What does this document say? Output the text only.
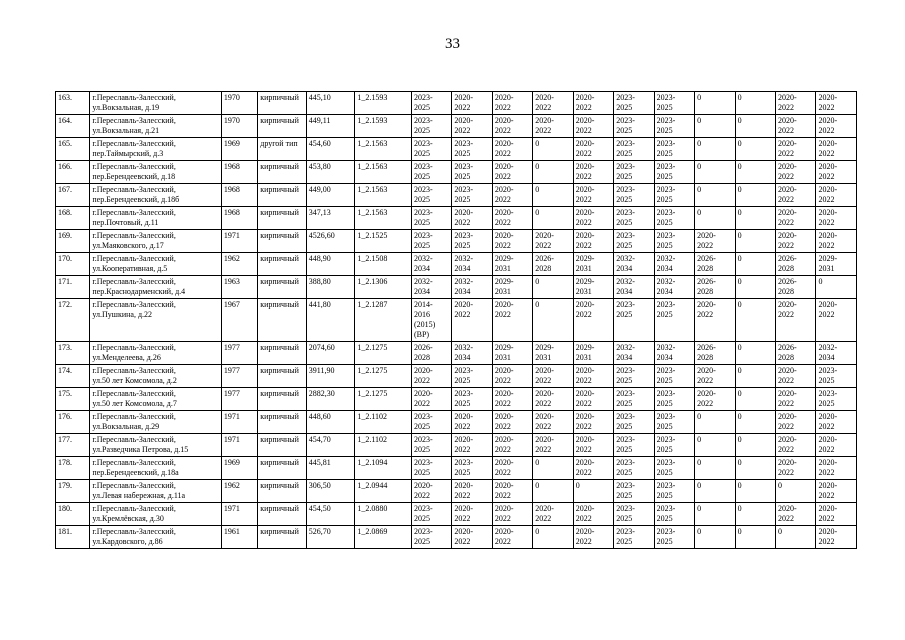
33
163.	г.Переславль-Залесский,
ул.Вокзальная, д.19	1970	кирпичный	445,10	1_2.1593	2023-
2025	2020-
2022	2020-
2022	2020-
2022	2020-
2022	2023-
2025	2023-
2025	0	0	2020-
2022	2020-
2022
164.	г.Переславль-Залесский,
ул.Вокзальная, д.21	1970	кирпичный	449,11	1_2.1593	2023-
2025	2020-
2022	2020-
2022	2020-
2022	2020-
2022	2023-
2025	2023-
2025	0	0	2020-
2022	2020-
2022
165.	г.Переславль-Залесский,
пер.Таймырский, д.3	1969	другой тип	454,60	1_2.1563	2023-
2025	2023-
2025	2020-
2022	0	2020-
2022	2023-
2025	2023-
2025	0	0	2020-
2022	2020-
2022
166.	г.Переславль-Залесский,
пер.Берендеевский, д.18	1968	кирпичный	453,80	1_2.1563	2023-
2025	2023-
2025	2020-
2022	0	2020-
2022	2023-
2025	2023-
2025	0	0	2020-
2022	2020-
2022
167.	г.Переславль-Залесский,
пер.Берендеевский, д.18б	1968	кирпичный	449,00	1_2.1563	2023-
2025	2023-
2025	2020-
2022	0	2020-
2022	2023-
2025	2023-
2025	0	0	2020-
2022	2020-
2022
168.	г.Переславль-Залесский,
пер.Почтовый, д.11	1968	кирпичный	347,13	1_2.1563	2023-
2025	2020-
2022	2020-
2022	0	2020-
2022	2023-
2025	2023-
2025	0	0	2020-
2022	2020-
2022
169.	г.Переславль-Залесский,
ул.Маяковского, д.17	1971	кирпичный	4526,60	1_2.1525	2023-
2025	2023-
2025	2020-
2022	2020-
2022	2020-
2022	2023-
2025	2023-
2025	2020-
2022	0	2020-
2022	2020-
2022
170.	г.Переславль-Залесский,
ул.Кооперативная, д.5	1962	кирпичный	448,90	1_2.1508	2032-
2034	2032-
2034	2029-
2031	2026-
2028	2029-
2031	2032-
2034	2032-
2034	2026-
2028	0	2026-
2028	2029-
2031
171.	г.Переславль-Залесский,
пер.Краснодарменский, д.4	1963	кирпичный	388,80	1_2.1306	2032-
2034	2032-
2034	2029-
2031	0	2029-
2031	2032-
2034	2032-
2034	2026-
2028	0	2026-
2028	0
172.	г.Переславль-Залесский,
ул.Пушкина, д.22	1967	кирпичный	441,80	1_2.1287	2014-
2016
(2015)
(ВР)	2020-
2022	2020-
2022	0	2020-
2022	2023-
2025	2023-
2025	2020-
2022	0	2020-
2022	2020-
2022
173.	г.Переславль-Залесский,
ул.Менделеева, д.26	1977	кирпичный	2074,60	1_2.1275	2026-
2028	2032-
2034	2029-
2031	2029-
2031	2029-
2031	2032-
2034	2032-
2034	2026-
2028	0	2026-
2028	2032-
2034
174.	г.Переславль-Залесский,
ул.50 лет Комсомола, д.2	1977	кирпичный	3911,90	1_2.1275	2020-
2022	2023-
2025	2020-
2022	2020-
2022	2020-
2022	2023-
2025	2023-
2025	2020-
2022	0	2020-
2022	2023-
2025
175.	г.Переславль-Залесский,
ул.50 лет Комсомола, д.7	1977	кирпичный	2882,30	1_2.1275	2020-
2022	2023-
2025	2020-
2022	2020-
2022	2020-
2022	2023-
2025	2023-
2025	2020-
2022	0	2020-
2022	2023-
2025
176.	г.Переславль-Залесский,
ул.Вокзальная, д.29	1971	кирпичный	448,60	1_2.1102	2023-
2025	2020-
2022	2020-
2022	2020-
2022	2020-
2022	2023-
2025	2023-
2025	0	0	2020-
2022	2020-
2022
177.	г.Переславль-Залесский,
ул.Разведчика Петрова, д.15	1971	кирпичный	454,70	1_2.1102	2023-
2025	2020-
2022	2020-
2022	2020-
2022	2020-
2022	2023-
2025	2023-
2025	0	0	2020-
2022	2020-
2022
178.	г.Переславль-Залесский,
пер.Берендеевский, д.18а	1969	кирпичный	445,81	1_2.1094	2023-
2025	2023-
2025	2020-
2022	0	2020-
2022	2023-
2025	2023-
2025	0	0	2020-
2022	2020-
2022
179.	г.Переславль-Залесский,
ул.Левая набережная, д.11а	1962	кирпичный	306,50	1_2.0944	2020-
2022	2020-
2022	2020-
2022	0	0	2023-
2025	2023-
2025	0	0	0	2020-
2022
180.	г.Переславль-Залесский,
ул.Кремлёвская, д.30	1971	кирпичный	454,50	1_2.0880	2023-
2025	2020-
2022	2020-
2022	2020-
2022	2020-
2022	2023-
2025	2023-
2025	0	0	2020-
2022	2020-
2022
181.	г.Переславль-Залесский,
ул.Кардовского, д.86	1961	кирпичный	526,70	1_2.0869	2023-
2025	2020-
2022	2020-
2022	0	2020-
2022	2023-
2025	2023-
2025	0	0	0	2020-
2022
